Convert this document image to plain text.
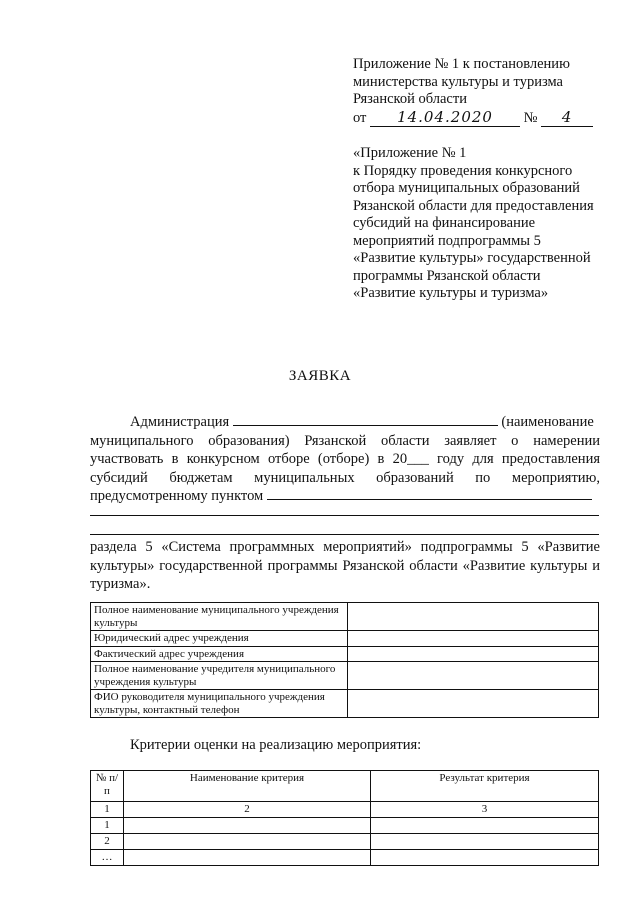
Приложение № 1 к постановлению
министерства культуры и туризма
Рязанской области
от 14.04.2020 № 4
«Приложение № 1
к Порядку проведения конкурсного
отбора муниципальных образований
Рязанской области для предоставления
субсидий на финансирование
мероприятий подпрограммы 5
«Развитие культуры» государственной
программы Рязанской области
«Развитие культуры и туризма»
ЗАЯВКА
Администрация	(наименование
муниципального образования) Рязанской области заявляет о намерении
участвовать в конкурсном отборе (отборе) в 20___ году для предоставления
субсидий бюджетам муниципальных образований по мероприятию,
предусмотренному пунктом
раздела 5 «Система программных мероприятий» подпрограммы 5 «Развитие культуры» государственной программы Рязанской области «Развитие культуры и туризма».
Полное наименование муниципального учреждения культуры	
Юридический адрес учреждения	
Фактический адрес учреждения	
Полное наименование учредителя муниципального учреждения культуры	
ФИО руководителя муниципального учреждения культуры, контактный телефон	
Критерии оценки на реализацию мероприятия:
№ п/п	Наименование критерия	Результат критерия
1	2	3
1		
2		
…		
